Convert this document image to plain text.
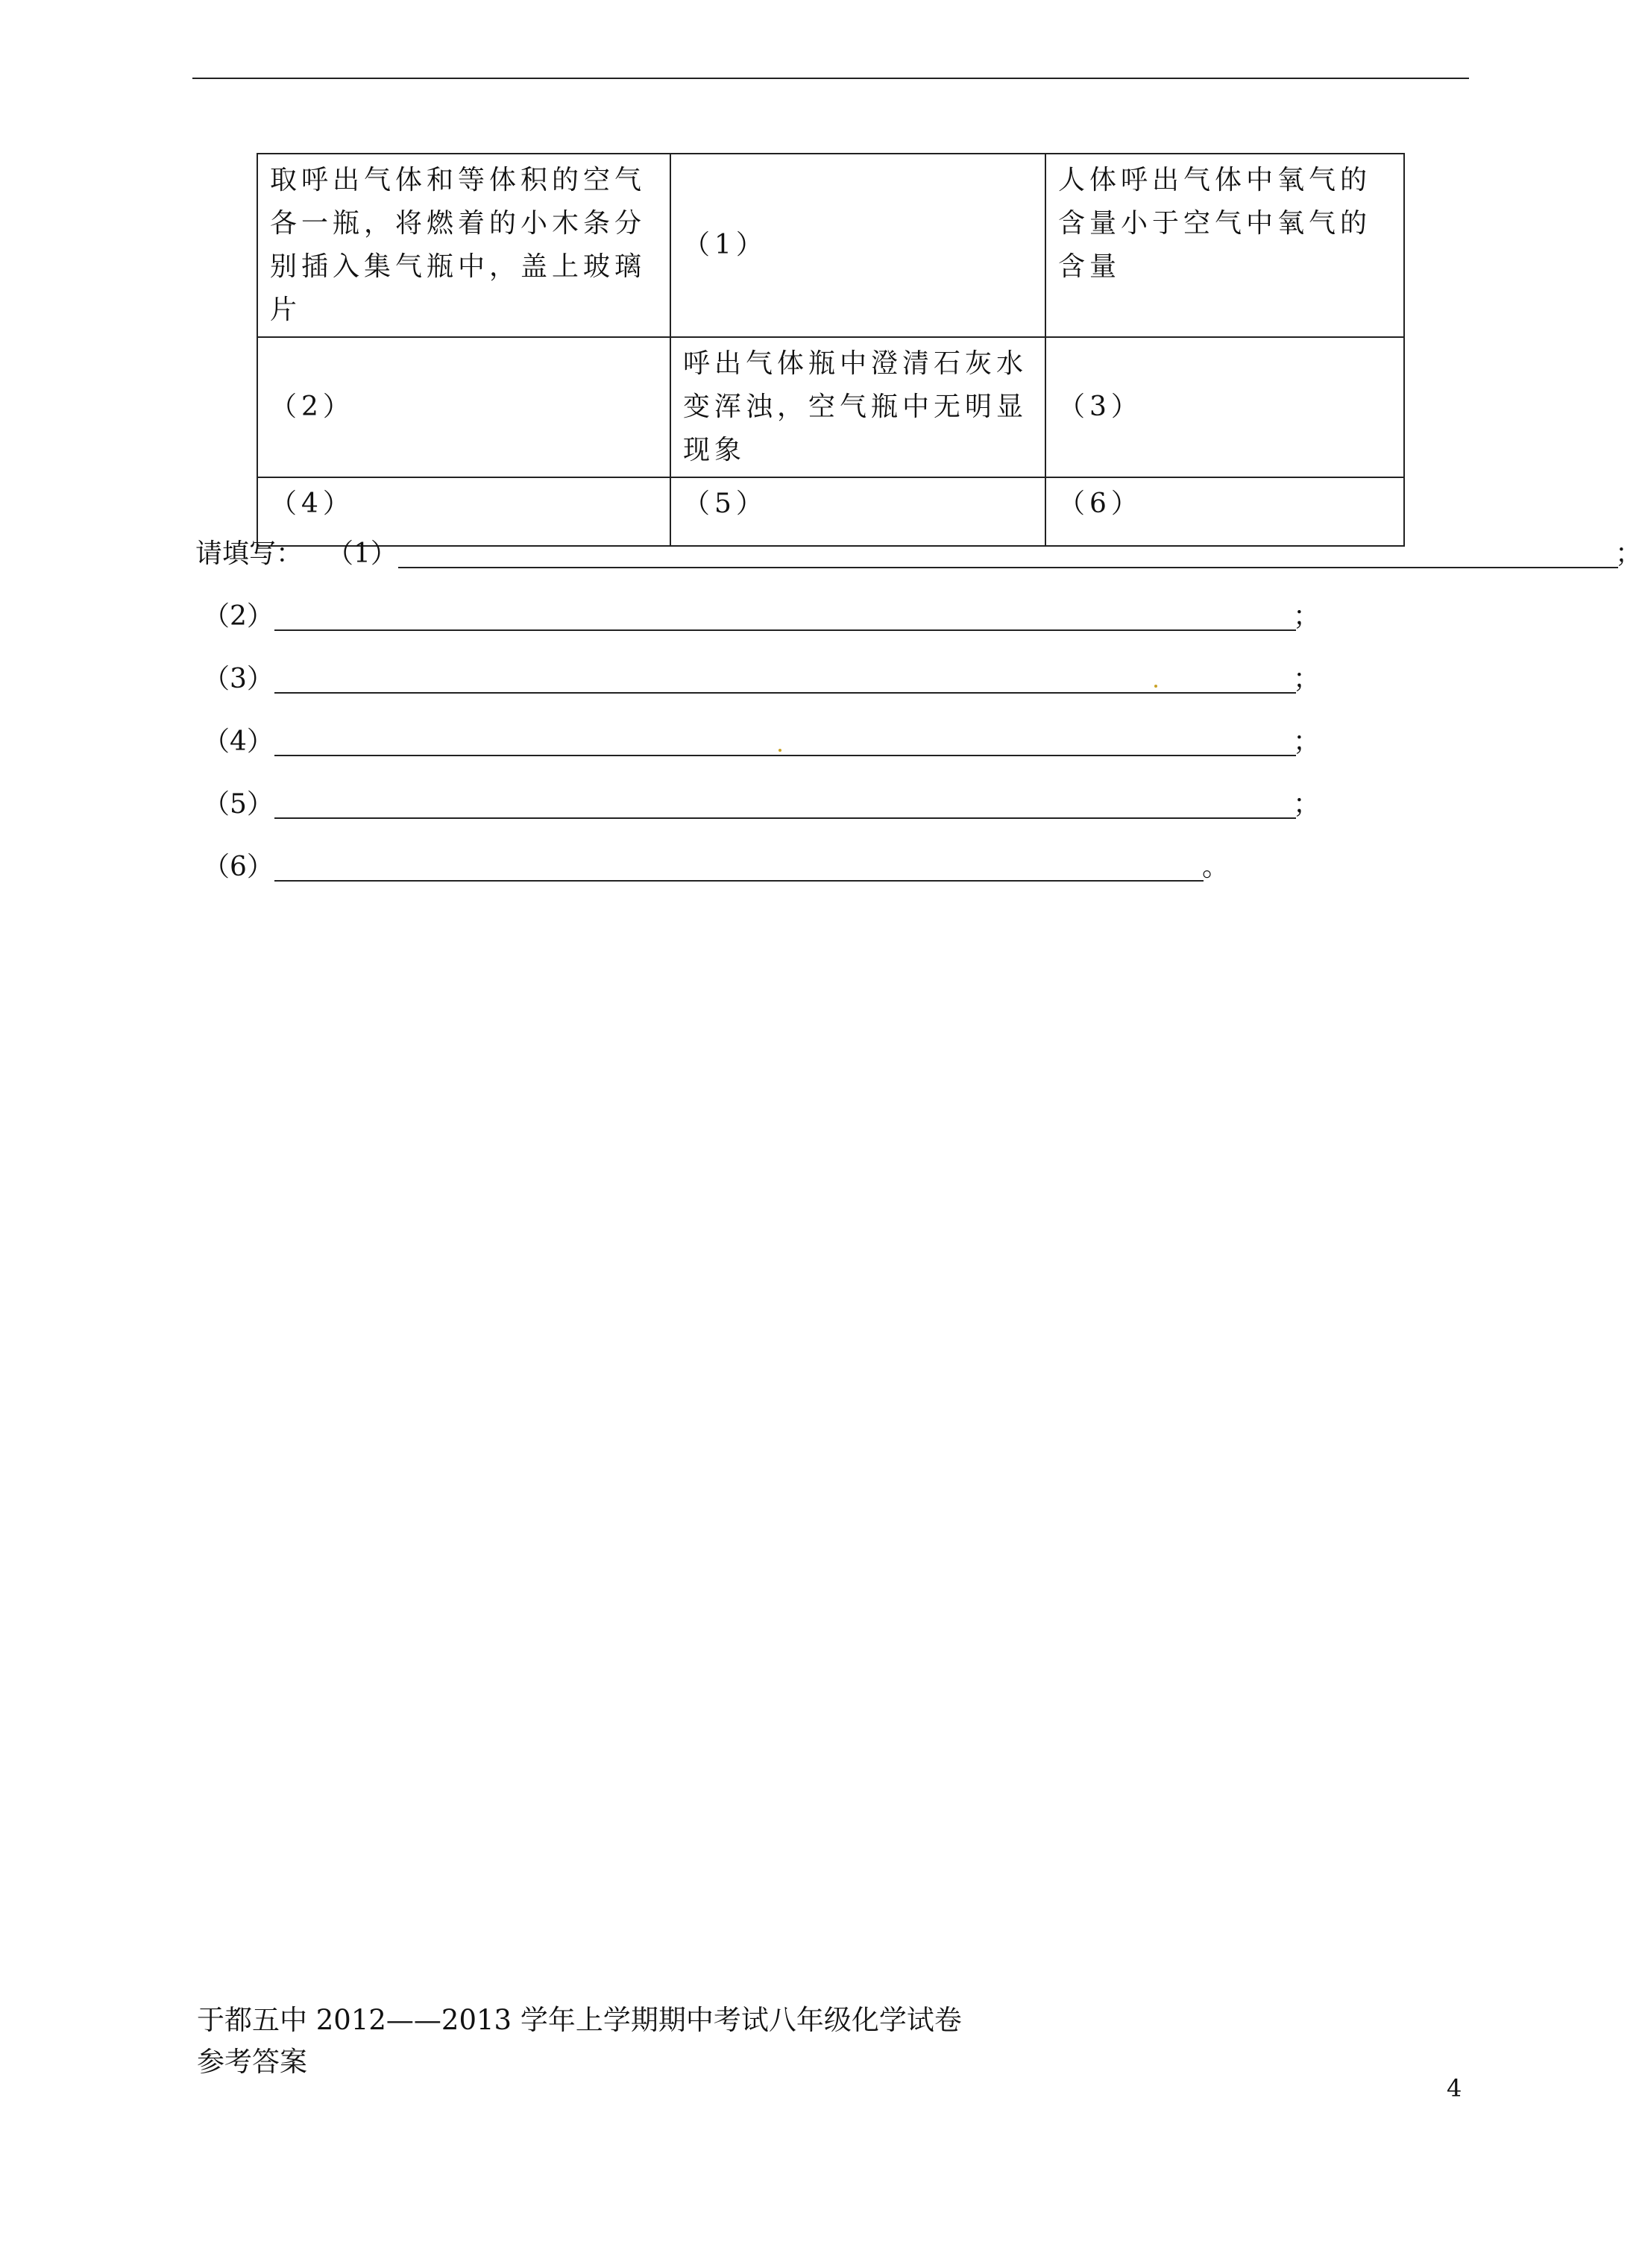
取呼出气体和等体积的空气各一瓶，将燃着的小木条分别插入集气瓶中，盖上玻璃片	（1）	人体呼出气体中氧气的含量小于空气中氧气的含量
（2）	呼出气体瓶中澄清石灰水变浑浊，空气瓶中无明显现象	（3）
（4）	（5）	（6）
请填写： （1）	；
（2）	；
（3）	；
（4）	；
（5）	；
（6）	。
于都五中 2012——2013 学年上学期期中考试八年级化学试卷
参考答案
4
